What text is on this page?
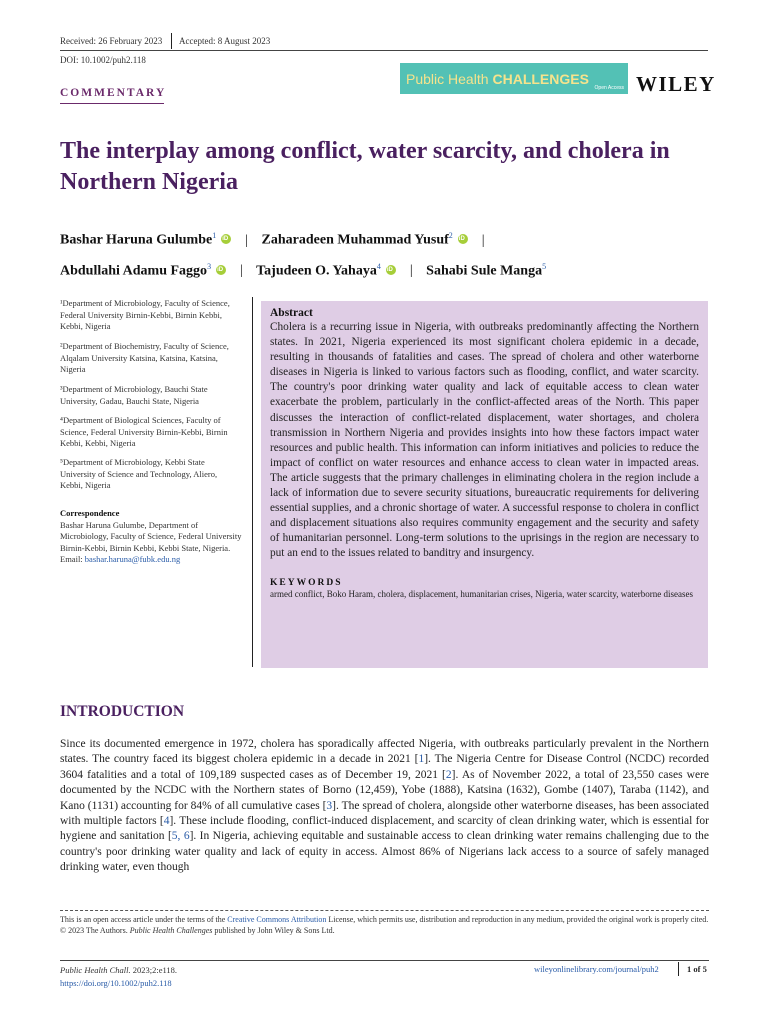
Received: 26 February 2023 Accepted: 8 August 2023
DOI: 10.1002/puh2.118
COMMENTARY
Public Health CHALLENGES
Open Access WILEY
The interplay among conflict, water scarcity, and cholera in Northern Nigeria
Bashar Haruna Gulumbe$^1$ iD | Zaharadeen Muhammad Yusuf$^2$ iD |
Abdullahi Adamu Faggo$^3$ iD | Tajudeen O. Yahaya$^4$ iD | Sahabi Sule Manga$^5$
¹Department of Microbiology, Faculty of Science, Federal University Birnin-Kebbi, Birnin Kebbi, Kebbi, Nigeria
²Department of Biochemistry, Faculty of Science, Alqalam University Katsina, Katsina, Katsina, Nigeria
³Department of Microbiology, Bauchi State University, Gadau, Bauchi State, Nigeria
⁴Department of Biological Sciences, Faculty of Science, Federal University Birnin-Kebbi, Birnin Kebbi, Kebbi, Nigeria
⁵Department of Microbiology, Kebbi State University of Science and Technology, Aliero, Kebbi, Nigeria
Correspondence
Bashar Haruna Gulumbe, Department of Microbiology, Faculty of Science, Federal University Birnin-Kebbi, Birnin Kebbi, Kebbi State, Nigeria.
Email: bashar.haruna@fubk.edu.ng
Abstract

Cholera is a recurring issue in Nigeria, with outbreaks predominantly affecting the Northern states. In 2021, Nigeria experienced its most significant cholera epidemic in a decade, resulting in thousands of fatalities and cases. The spread of cholera and other waterborne diseases in Nigeria is linked to various factors such as flooding, conflict, and water scarcity. The country's poor drinking water quality and lack of equitable access to clean water exacerbate the problem, particularly in the conflict-affected areas of the North. This paper discusses the interaction of conflict-related displacement, water shortages, and cholera transmission in Northern Nigeria and provides insights into how these factors impact water resources and public health. This information can inform initiatives and policies to reduce the impact of conflict on water resources and enhance access to clean water in impacted areas. The article suggests that the primary challenges in eliminating cholera in the region include a lack of information due to severe security situations, bureaucratic requirements for delivering essential supplies, and a chronic shortage of water. A successful response to cholera in conflict and displacement situations also requires community engagement and the security and safety of humanitarian personnel. Long-term solutions to the uprisings in the region are necessary to put an end to the issues related to banditry and insurgency.

KEYWORDS
armed conflict, Boko Haram, cholera, displacement, humanitarian crises, Nigeria, water scarcity, waterborne diseases
INTRODUCTION
Since its documented emergence in 1972, cholera has sporadically affected Nigeria, with outbreaks particularly prevalent in the Northern states. The country faced its biggest cholera epidemic in a decade in 2021 [1]. The Nigeria Centre for Disease Control (NCDC) recorded 3604 fatalities and a total of 109,189 suspected cases as of December 19, 2021 [2]. As of November 2022, a total of 23,550 cases were documented by the NCDC with the Northern states of Borno (12,459), Yobe (1888), Katsina (1632), Gombe (1407), Taraba (1142), and Kano (1131) accounting for 84% of all cumulative cases [3]. The spread of cholera, alongside other waterborne diseases, has been associated with multiple factors [4]. These include flooding, conflict-induced displacement, and scarcity of clean drinking water, which is essential for hygiene and sanitation [5, 6]. In Nigeria, achieving equitable and sustainable access to clean drinking water remains challenging due to the country's poor drinking water quality and lack of equity in access. Almost 86% of Nigerians lack access to a source of safely managed drinking water, even though
This is an open access article under the terms of the Creative Commons Attribution License, which permits use, distribution and reproduction in any medium, provided the original work is properly cited.
© 2023 The Authors. Public Health Challenges published by John Wiley & Sons Ltd.
Public Health Chall. 2023;2:e118.
https://doi.org/10.1002/puh2.118
wileyonlinelibrary.com/journal/puh2	1 of 5
